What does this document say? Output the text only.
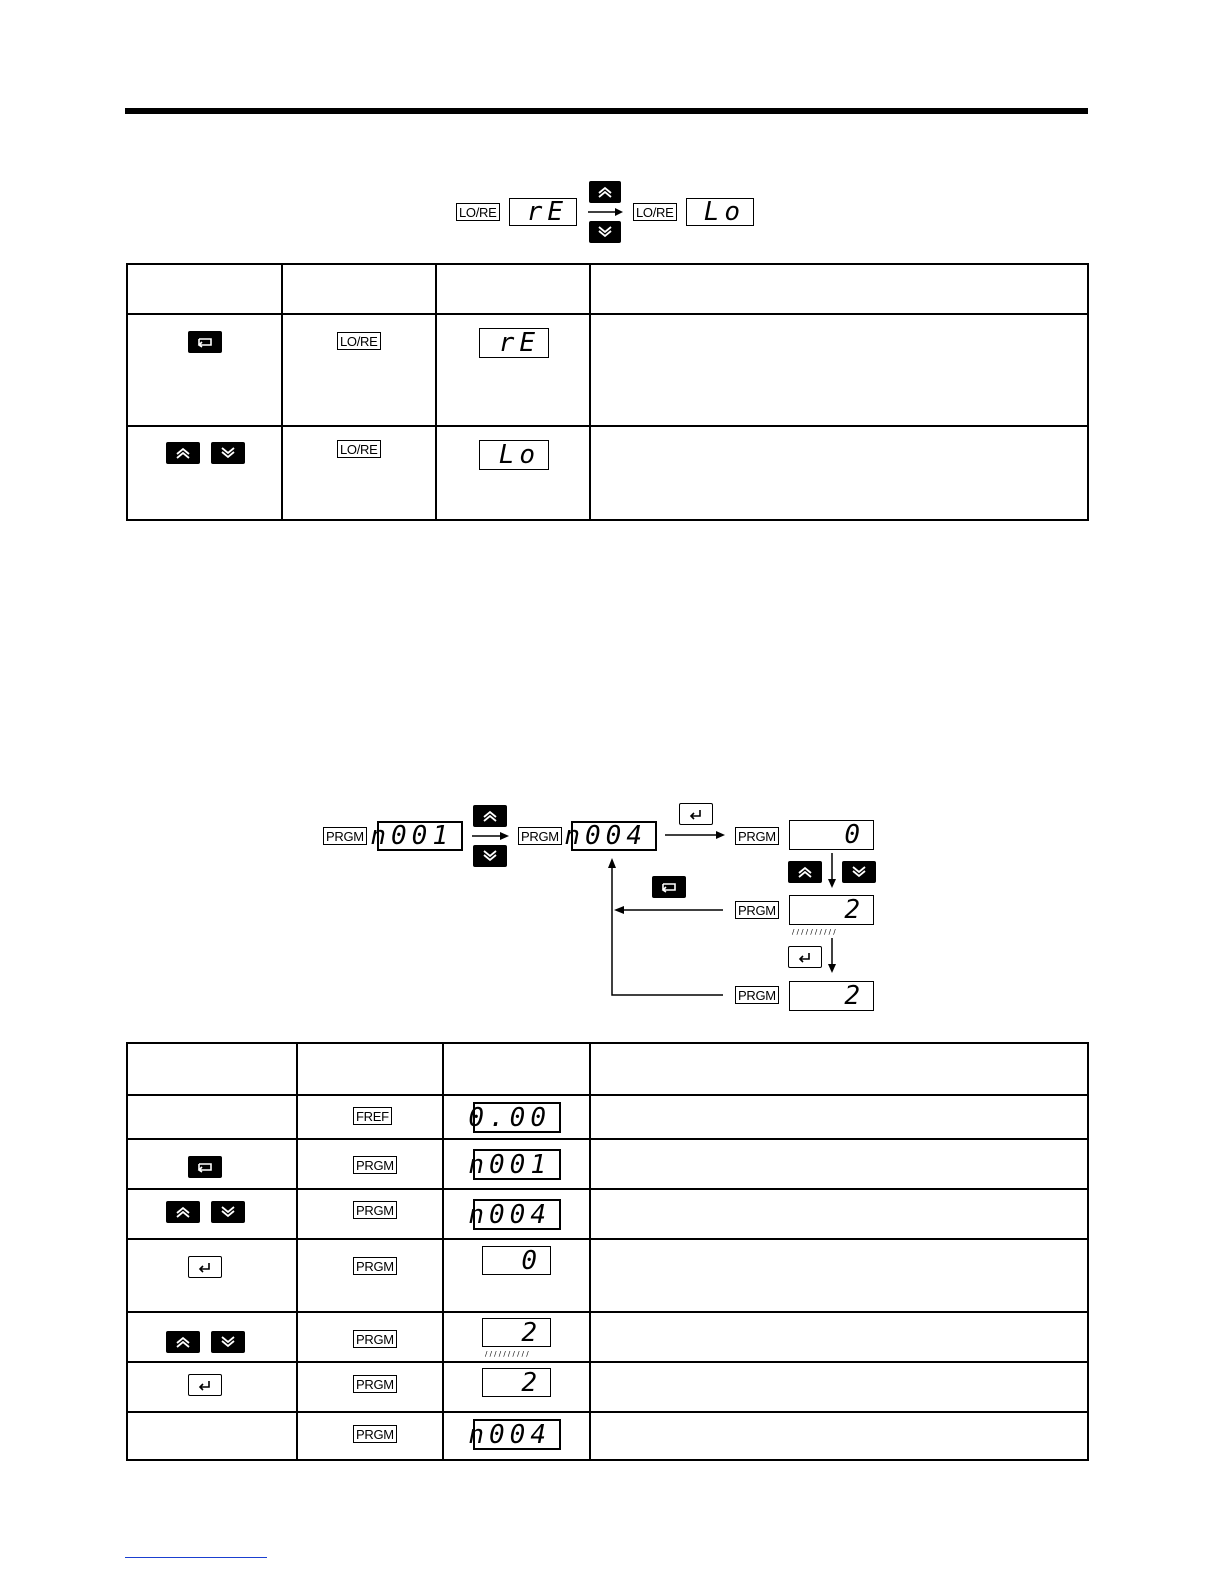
LO/RE	rE	LO/RE	Lo

LO/RE	rE	

LO/RE	Lo	

PRGM n001	PRGM n004	PRGM	0
PRGM	2 / / / / / / / / / /
PRGM	2

	FREF	0.00	

PRGM	n001	

PRGM	n004	

PRGM	0	

PRGM	2 / / / / / / / / / /

PRGM	2	

	PRGM	n004	
